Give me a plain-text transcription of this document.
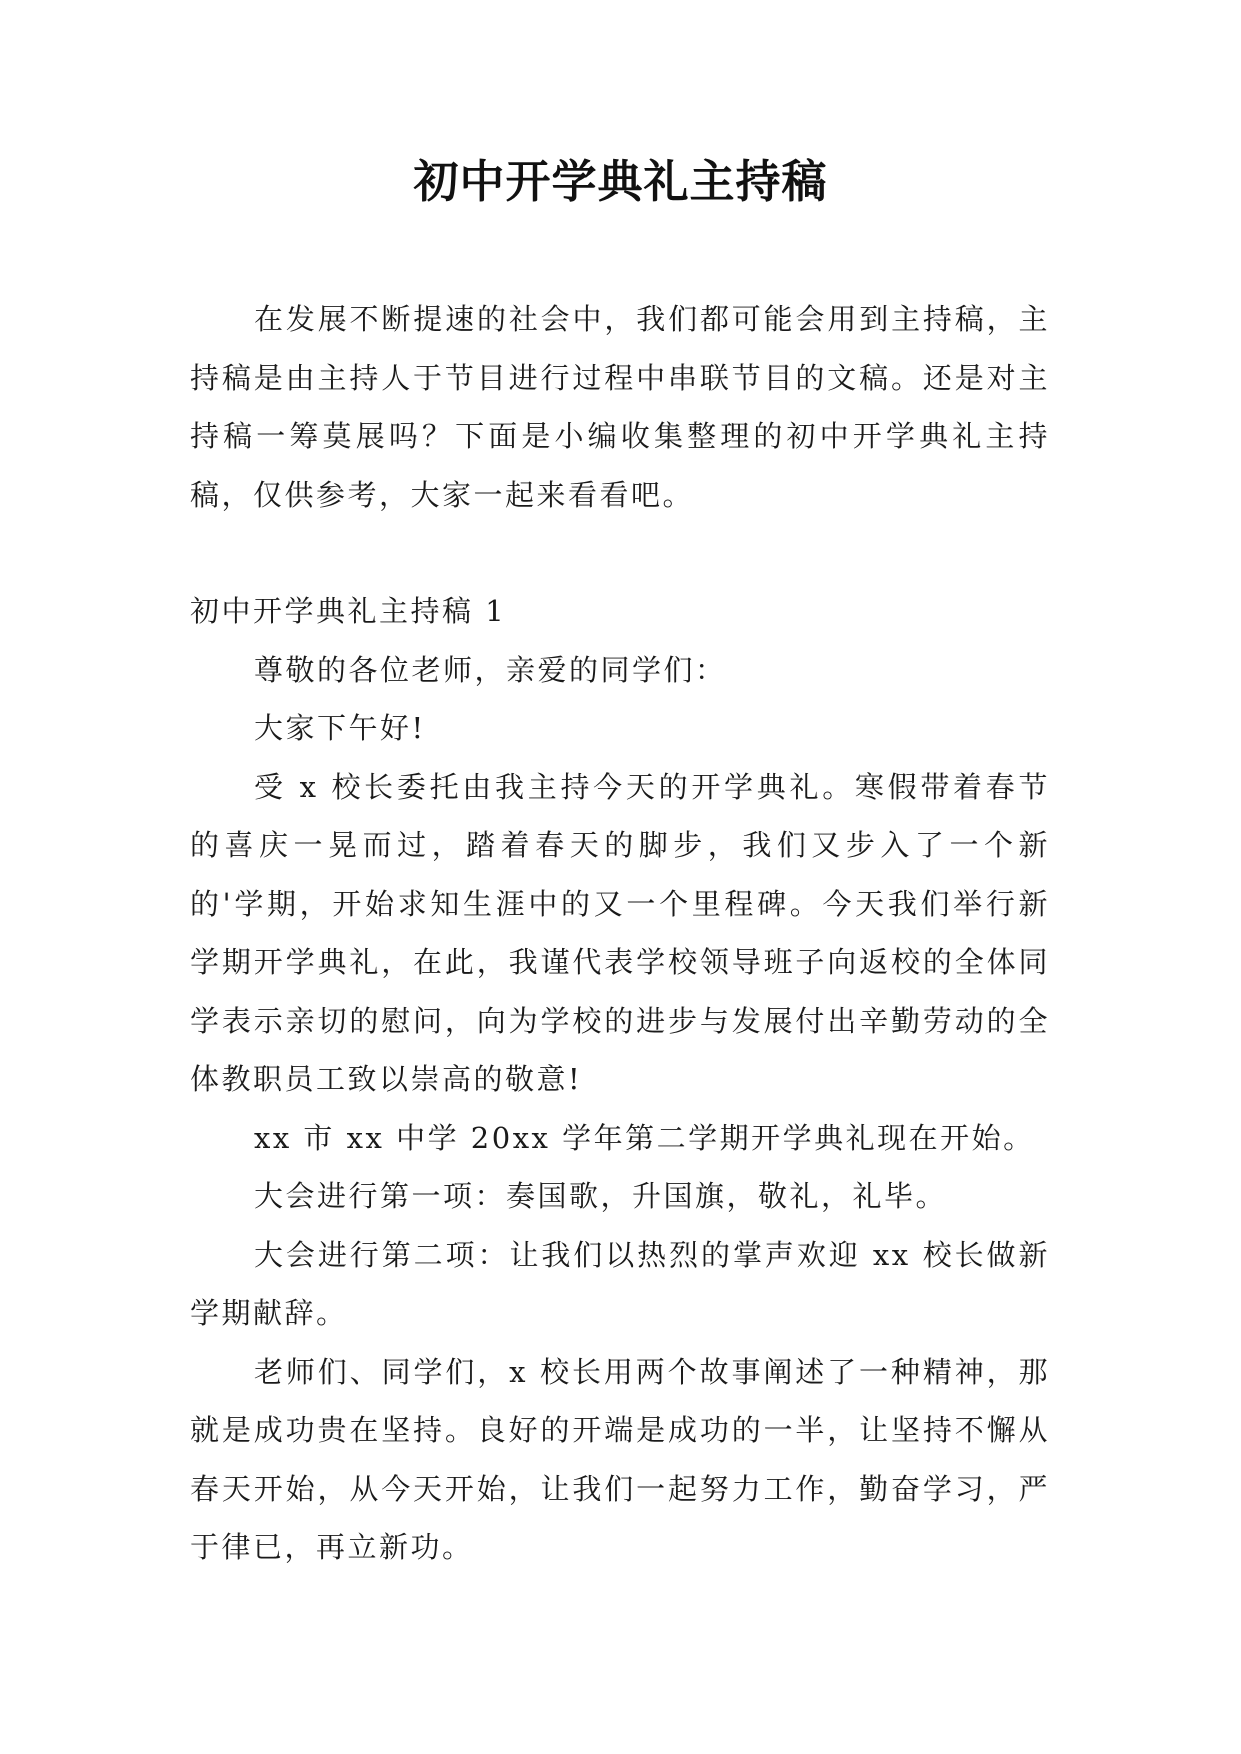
初中开学典礼主持稿

在发展不断提速的社会中，我们都可能会用到主持稿，主持稿是由主持人于节目进行过程中串联节目的文稿。还是对主持稿一筹莫展吗？下面是小编收集整理的初中开学典礼主持稿，仅供参考，大家一起来看看吧。

初中开学典礼主持稿 1

尊敬的各位老师，亲爱的同学们：

大家下午好!

受 x 校长委托由我主持今天的开学典礼。寒假带着春节的喜庆一晃而过，踏着春天的脚步，我们又步入了一个新的'学期，开始求知生涯中的又一个里程碑。今天我们举行新学期开学典礼，在此，我谨代表学校领导班子向返校的全体同学表示亲切的慰问，向为学校的进步与发展付出辛勤劳动的全体教职员工致以崇高的敬意!

xx 市 xx 中学 20xx 学年第二学期开学典礼现在开始。

大会进行第一项：奏国歌，升国旗，敬礼，礼毕。

大会进行第二项：让我们以热烈的掌声欢迎 xx 校长做新学期献辞。

老师们、同学们，x 校长用两个故事阐述了一种精神，那就是成功贵在坚持。良好的开端是成功的一半，让坚持不懈从春天开始，从今天开始，让我们一起努力工作，勤奋学习，严于律已，再立新功。
